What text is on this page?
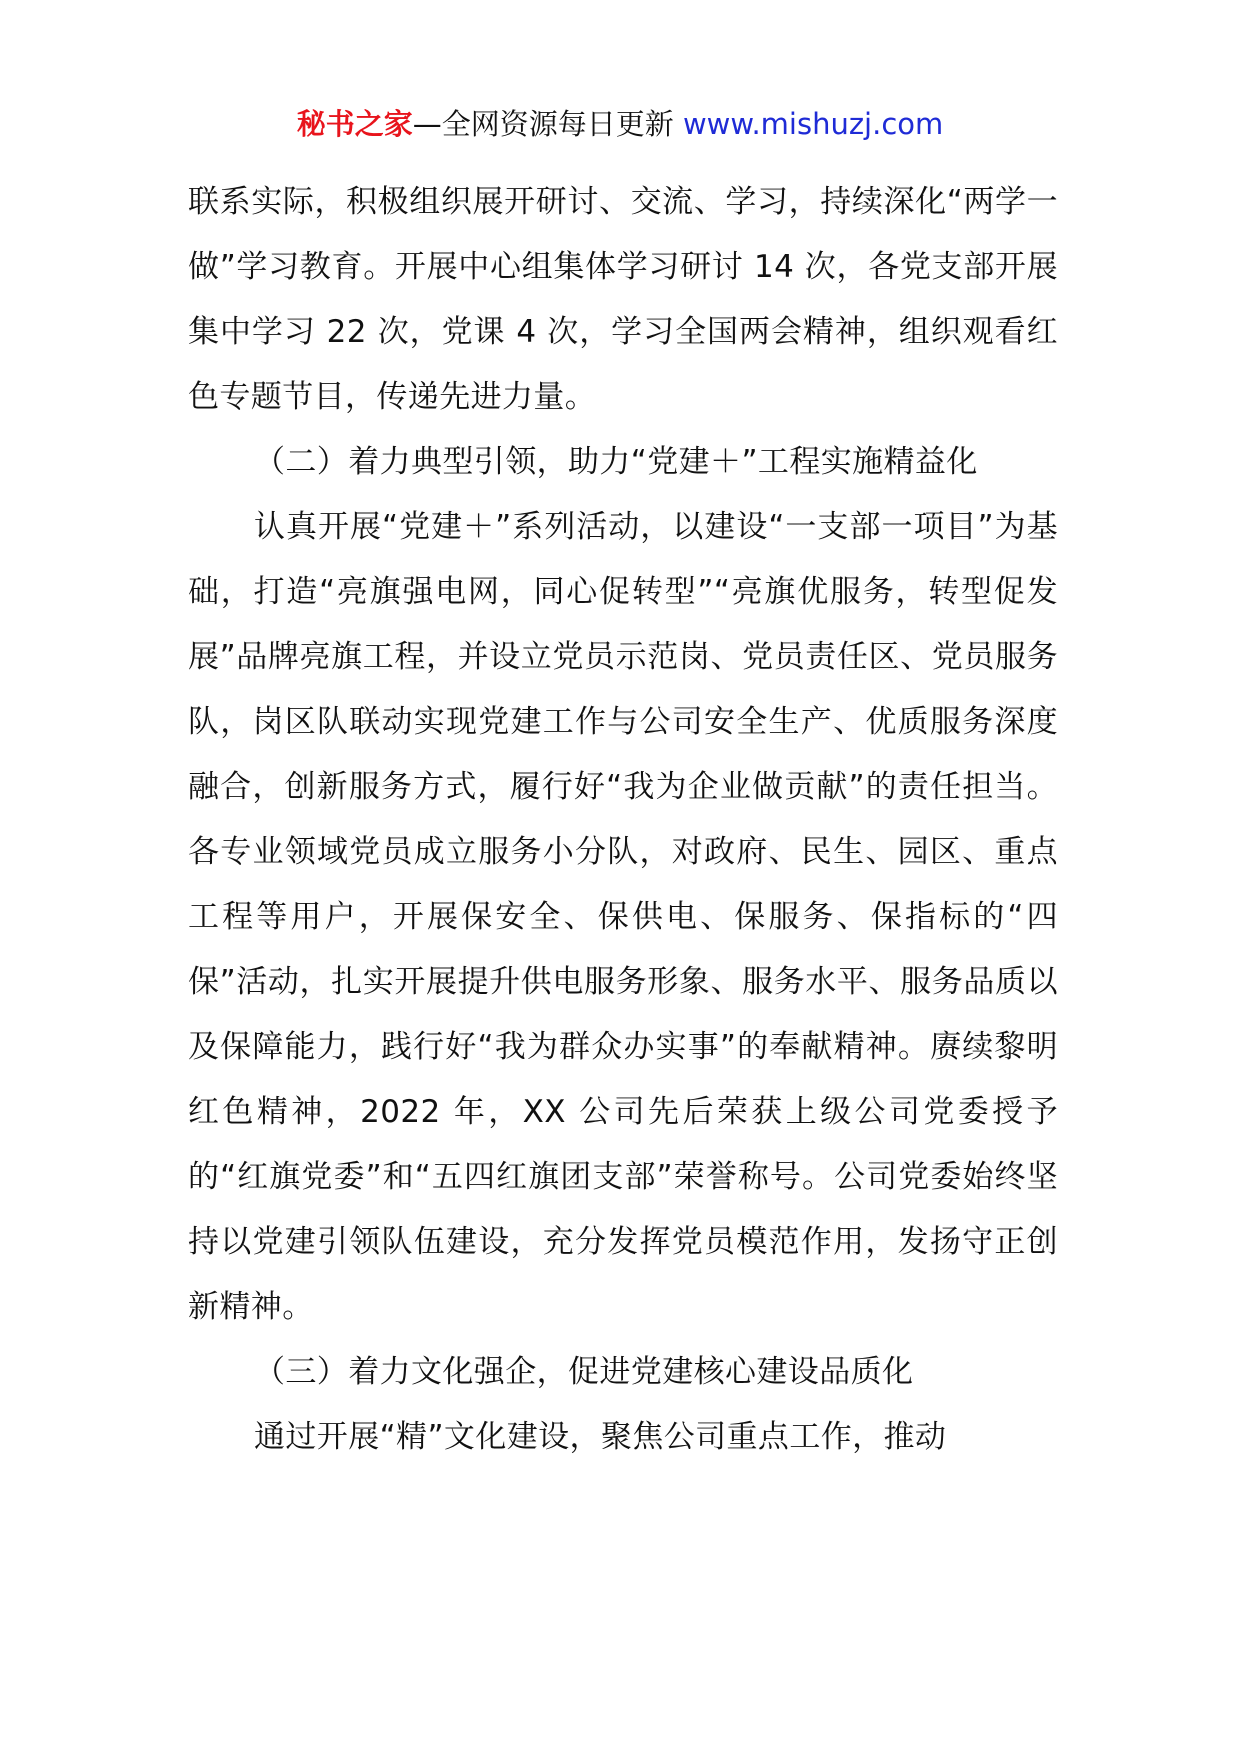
秘书之家—全网资源每日更新 www.mishuzj.com

联系实际，积极组织展开研讨、交流、学习，持续深化“两学一做”学习教育。开展中心组集体学习研讨 14 次，各党支部开展集中学习 22 次，党课 4 次，学习全国两会精神，组织观看红色专题节目，传递先进力量。

（二）着力典型引领，助力“党建＋”工程实施精益化

认真开展“党建＋”系列活动，以建设“一支部一项目”为基础，打造“亮旗强电网，同心促转型”“亮旗优服务，转型促发展”品牌亮旗工程，并设立党员示范岗、党员责任区、党员服务队，岗区队联动实现党建工作与公司安全生产、优质服务深度融合，创新服务方式，履行好“我为企业做贡献”的责任担当。各专业领域党员成立服务小分队，对政府、民生、园区、重点工程等用户，开展保安全、保供电、保服务、保指标的“四保”活动，扎实开展提升供电服务形象、服务水平、服务品质以及保障能力，践行好“我为群众办实事”的奉献精神。赓续黎明红色精神，2022 年，XX 公司先后荣获上级公司党委授予的“红旗党委”和“五四红旗团支部”荣誉称号。公司党委始终坚持以党建引领队伍建设，充分发挥党员模范作用，发扬守正创新精神。

（三）着力文化强企，促进党建核心建设品质化

通过开展“精”文化建设，聚焦公司重点工作，推动
